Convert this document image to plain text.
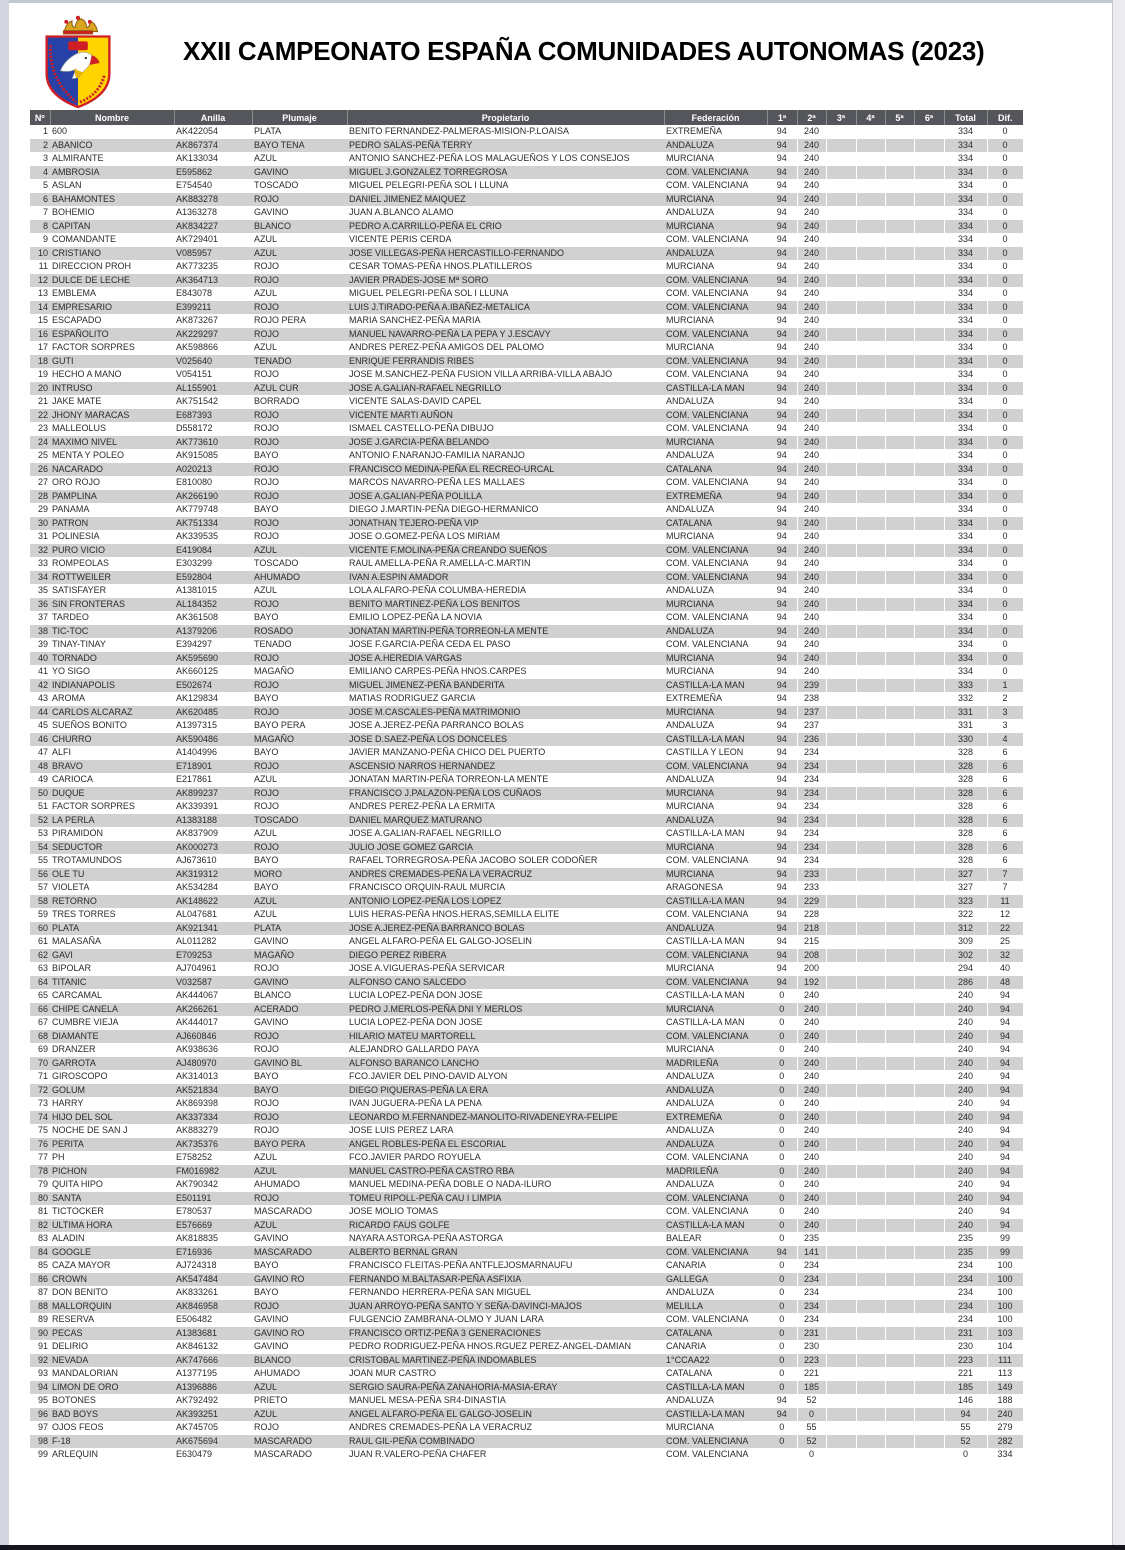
XXII CAMPEONATO ESPAÑA COMUNIDADES AUTONOMAS (2023)
Nº	Nombre	Anilla	Plumaje	Propietario	Federación	1ª	2ª	3ª	4ª	5ª	6ª	Total	Dif.
1	600	AK422054	PLATA	BENITO FERNANDEZ-PALMERAS-MISION-P.LOAISA	EXTREMEÑA	94	240					334	0
2	ABANICO	AK867374	BAYO TENA	PEDRO SALAS-PEÑA TERRY	ANDALUZA	94	240					334	0
3	ALMIRANTE	AK133034	AZUL	ANTONIO SANCHEZ-PEÑA LOS MALAGUEÑOS Y LOS CONSEJOS	MURCIANA	94	240					334	0
4	AMBROSIA	E595862	GAVINO	MIGUEL J.GONZALEZ TORREGROSA	COM. VALENCIANA	94	240					334	0
5	ASLAN	E754540	TOSCADO	MIGUEL PELEGRI-PEÑA SOL I LLUNA	COM. VALENCIANA	94	240					334	0
6	BAHAMONTES	AK883278	ROJO	DANIEL JIMENEZ MAIQUEZ	MURCIANA	94	240					334	0
7	BOHEMIO	A1363278	GAVINO	JUAN A.BLANCO ALAMO	ANDALUZA	94	240					334	0
8	CAPITAN	AK834227	BLANCO	PEDRO A.CARRILLO-PEÑA EL CRIO	MURCIANA	94	240					334	0
9	COMANDANTE	AK729401	AZUL	VICENTE PERIS CERDA	COM. VALENCIANA	94	240					334	0
10	CRISTIANO	V085957	AZUL	JOSE VILLEGAS-PEÑA HERCASTILLO-FERNANDO	ANDALUZA	94	240					334	0
11	DIRECCION PROH	AK773235	ROJO	CESAR TOMAS-PEÑA HNOS.PLATILLEROS	MURCIANA	94	240					334	0
12	DULCE DE LECHE	AK364713	ROJO	JAVIER PRADES-JOSE Mª SORO	COM. VALENCIANA	94	240					334	0
13	EMBLEMA	E843078	AZUL	MIGUEL PELEGRI-PEÑA SOL I LLUNA	COM. VALENCIANA	94	240					334	0
14	EMPRESARIO	E399211	ROJO	LUIS J.TIRADO-PEÑA A.IBAÑEZ-METALICA	COM. VALENCIANA	94	240					334	0
15	ESCAPADO	AK873267	ROJO PERA	MARIA SANCHEZ-PEÑA MARIA	MURCIANA	94	240					334	0
16	ESPAÑOLITO	AK229297	ROJO	MANUEL NAVARRO-PEÑA LA PEPA Y J.ESCAVY	COM. VALENCIANA	94	240					334	0
17	FACTOR SORPRES	AK598866	AZUL	ANDRES PEREZ-PEÑA AMIGOS DEL PALOMO	MURCIANA	94	240					334	0
18	GUTI	V025640	TENADO	ENRIQUE FERRANDIS RIBES	COM. VALENCIANA	94	240					334	0
19	HECHO A MANO	V054151	ROJO	JOSE M.SANCHEZ-PEÑA FUSION VILLA ARRIBA-VILLA ABAJO	COM. VALENCIANA	94	240					334	0
20	INTRUSO	AL155901	AZUL CUR	JOSE A.GALIAN-RAFAEL NEGRILLO	CASTILLA-LA MAN	94	240					334	0
21	JAKE MATE	AK751542	BORRADO	VICENTE SALAS-DAVID CAPEL	ANDALUZA	94	240					334	0
22	JHONY MARACAS	E687393	ROJO	VICENTE MARTI AUÑON	COM. VALENCIANA	94	240					334	0
23	MALLEOLUS	D558172	ROJO	ISMAEL CASTELLO-PEÑA DIBUJO	COM. VALENCIANA	94	240					334	0
24	MAXIMO NIVEL	AK773610	ROJO	JOSE J.GARCIA-PEÑA BELANDO	MURCIANA	94	240					334	0
25	MENTA Y POLEO	AK915085	BAYO	ANTONIO F.NARANJO-FAMILIA NARANJO	ANDALUZA	94	240					334	0
26	NACARADO	A020213	ROJO	FRANCISCO MEDINA-PEÑA EL RECREO-URCAL	CATALANA	94	240					334	0
27	ORO ROJO	E810080	ROJO	MARCOS NAVARRO-PEÑA LES MALLAES	COM. VALENCIANA	94	240					334	0
28	PAMPLINA	AK266190	ROJO	JOSE A.GALIAN-PEÑA POLILLA	EXTREMEÑA	94	240					334	0
29	PANAMA	AK779748	BAYO	DIEGO J.MARTIN-PEÑA DIEGO-HERMANICO	ANDALUZA	94	240					334	0
30	PATRON	AK751334	ROJO	JONATHAN TEJERO-PEÑA VIP	CATALANA	94	240					334	0
31	POLINESIA	AK339535	ROJO	JOSE O.GOMEZ-PEÑA LOS MIRIAM	MURCIANA	94	240					334	0
32	PURO VICIO	E419084	AZUL	VICENTE F.MOLINA-PEÑA CREANDO SUEÑOS	COM. VALENCIANA	94	240					334	0
33	ROMPEOLAS	E303299	TOSCADO	RAUL AMELLA-PEÑA R.AMELLA-C.MARTIN	COM. VALENCIANA	94	240					334	0
34	ROTTWEILER	E592804	AHUMADO	IVAN A.ESPIN AMADOR	COM. VALENCIANA	94	240					334	0
35	SATISFAYER	A1381015	AZUL	LOLA ALFARO-PEÑA COLUMBA-HEREDIA	ANDALUZA	94	240					334	0
36	SIN FRONTERAS	AL184352	ROJO	BENITO MARTINEZ-PEÑA LOS BENITOS	MURCIANA	94	240					334	0
37	TARDEO	AK361508	BAYO	EMILIO LOPEZ-PEÑA LA NOVIA	COM. VALENCIANA	94	240					334	0
38	TIC-TOC	A1379206	ROSADO	JONATAN MARTIN-PEÑA TORREON-LA MENTE	ANDALUZA	94	240					334	0
39	TINAY-TINAY	E394297	TENADO	JOSE F.GARCIA-PEÑA CEDA EL PASO	COM. VALENCIANA	94	240					334	0
40	TORNADO	AK595690	ROJO	JOSE A.HEREDIA VARGAS	MURCIANA	94	240					334	0
41	YO SIGO	AK660125	MAGAÑO	EMILIANO CARPES-PEÑA HNOS.CARPES	MURCIANA	94	240					334	0
42	INDIANAPOLIS	E502674	ROJO	MIGUEL JIMENEZ-PEÑA BANDERITA	CASTILLA-LA MAN	94	239					333	1
43	AROMA	AK129834	BAYO	MATIAS RODRIGUEZ GARCIA	EXTREMEÑA	94	238					332	2
44	CARLOS ALCARAZ	AK620485	ROJO	JOSE M.CASCALES-PEÑA MATRIMONIO	MURCIANA	94	237					331	3
45	SUEÑOS BONITO	A1397315	BAYO PERA	JOSE A.JEREZ-PEÑA PARRANCO BOLAS	ANDALUZA	94	237					331	3
46	CHURRO	AK590486	MAGAÑO	JOSE D.SAEZ-PEÑA LOS DONCELES	CASTILLA-LA MAN	94	236					330	4
47	ALFI	A1404996	BAYO	JAVIER MANZANO-PEÑA CHICO DEL PUERTO	CASTILLA Y LEON	94	234					328	6
48	BRAVO	E718901	ROJO	ASCENSIO NARROS HERNANDEZ	COM. VALENCIANA	94	234					328	6
49	CARIOCA	E217861	AZUL	JONATAN MARTIN-PEÑA TORREON-LA MENTE	ANDALUZA	94	234					328	6
50	DUQUE	AK899237	ROJO	FRANCISCO J.PALAZON-PEÑA LOS CUÑAOS	MURCIANA	94	234					328	6
51	FACTOR SORPRES	AK339391	ROJO	ANDRES PEREZ-PEÑA LA ERMITA	MURCIANA	94	234					328	6
52	LA PERLA	A1383188	TOSCADO	DANIEL MARQUEZ MATURANO	ANDALUZA	94	234					328	6
53	PIRAMIDON	AK837909	AZUL	JOSE A.GALIAN-RAFAEL NEGRILLO	CASTILLA-LA MAN	94	234					328	6
54	SEDUCTOR	AK000273	ROJO	JULIO JOSE GOMEZ GARCIA	MURCIANA	94	234					328	6
55	TROTAMUNDOS	AJ673610	BAYO	RAFAEL TORREGROSA-PEÑA JACOBO SOLER CODOÑER	COM. VALENCIANA	94	234					328	6
56	OLE TU	AK319312	MORO	ANDRES CREMADES-PEÑA LA VERACRUZ	MURCIANA	94	233					327	7
57	VIOLETA	AK534284	BAYO	FRANCISCO ORQUIN-RAUL MURCIA	ARAGONESA	94	233					327	7
58	RETORNO	AK148622	AZUL	ANTONIO LOPEZ-PEÑA LOS LOPEZ	CASTILLA-LA MAN	94	229					323	11
59	TRES TORRES	AL047681	AZUL	LUIS HERAS-PEÑA HNOS.HERAS,SEMILLA ELITE	COM. VALENCIANA	94	228					322	12
60	PLATA	AK921341	PLATA	JOSE A.JEREZ-PEÑA BARRANCO BOLAS	ANDALUZA	94	218					312	22
61	MALASAÑA	AL011282	GAVINO	ANGEL ALFARO-PEÑA EL GALGO-JOSELIN	CASTILLA-LA MAN	94	215					309	25
62	GAVI	E709253	MAGAÑO	DIEGO PEREZ RIBERA	COM. VALENCIANA	94	208					302	32
63	BIPOLAR	AJ704961	ROJO	JOSE A.VIGUERAS-PEÑA SERVICAR	MURCIANA	94	200					294	40
64	TITANIC	V032587	GAVINO	ALFONSO CANO SALCEDO	COM. VALENCIANA	94	192					286	48
65	CARCAMAL	AK444067	BLANCO	LUCIA LOPEZ-PEÑA DON JOSE	CASTILLA-LA MAN	0	240					240	94
66	CHIPE CANELA	AK266261	ACERADO	PEDRO J.MERLOS-PEÑA DNI Y MERLOS	MURCIANA	0	240					240	94
67	CUMBRE VIEJA	AK444017	GAVINO	LUCIA LOPEZ-PEÑA DON JOSE	CASTILLA-LA MAN	0	240					240	94
68	DIAMANTE	AJ660846	ROJO	HILARIO MATEU MARTORELL	COM. VALENCIANA	0	240					240	94
69	DRANZER	AK938636	ROJO	ALEJANDRO GALLARDO PAYA	MURCIANA	0	240					240	94
70	GARROTA	AJ480970	GAVINO BL	ALFONSO BARANCO LANCHO	MADRILEÑA	0	240					240	94
71	GIROSCOPO	AK314013	BAYO	FCO.JAVIER DEL PINO-DAVID ALYON	ANDALUZA	0	240					240	94
72	GOLUM	AK521834	BAYO	DIEGO PIQUERAS-PEÑA LA ERA	ANDALUZA	0	240					240	94
73	HARRY	AK869398	ROJO	IVAN JUGUERA-PEÑA LA PENA	ANDALUZA	0	240					240	94
74	HIJO DEL SOL	AK337334	ROJO	LEONARDO M.FERNANDEZ-MANOLITO-RIVADENEYRA-FELIPE	EXTREMEÑA	0	240					240	94
75	NOCHE DE SAN J	AK883279	ROJO	JOSE LUIS PEREZ LARA	ANDALUZA	0	240					240	94
76	PERITA	AK735376	BAYO PERA	ANGEL ROBLES-PEÑA EL ESCORIAL	ANDALUZA	0	240					240	94
77	PH	E758252	AZUL	FCO.JAVIER PARDO ROYUELA	COM. VALENCIANA	0	240					240	94
78	PICHON	FM016982	AZUL	MANUEL CASTRO-PEÑA CASTRO RBA	MADRILEÑA	0	240					240	94
79	QUITA HIPO	AK790342	AHUMADO	MANUEL MEDINA-PEÑA DOBLE O NADA-ILURO	ANDALUZA	0	240					240	94
80	SANTA	E501191	ROJO	TOMEU RIPOLL-PEÑA CAU I LIMPIA	COM. VALENCIANA	0	240					240	94
81	TICTOCKER	E780537	MASCARADO	JOSE MOLIO TOMAS	COM. VALENCIANA	0	240					240	94
82	ULTIMA HORA	E576669	AZUL	RICARDO FAUS GOLFE	CASTILLA-LA MAN	0	240					240	94
83	ALADIN	AK818835	GAVINO	NAYARA ASTORGA-PEÑA ASTORGA	BALEAR	0	235					235	99
84	GOOGLE	E716936	MASCARADO	ALBERTO BERNAL GRAN	COM. VALENCIANA	94	141					235	99
85	CAZA MAYOR	AJ724318	BAYO	FRANCISCO FLEITAS-PEÑA ANTFLEJOSMARNAUFU	CANARIA	0	234					234	100
86	CROWN	AK547484	GAVINO RO	FERNANDO M.BALTASAR-PEÑA ASFIXIA	GALLEGA	0	234					234	100
87	DON BENITO	AK833261	BAYO	FERNANDO HERRERA-PEÑA SAN MIGUEL	ANDALUZA	0	234					234	100
88	MALLORQUIN	AK846958	ROJO	JUAN ARROYO-PEÑA SANTO Y SEÑA-DAVINCI-MAJOS	MELILLA	0	234					234	100
89	RESERVA	E506482	GAVINO	FULGENCIO ZAMBRANA-OLMO Y JUAN LARA	COM. VALENCIANA	0	234					234	100
90	PECAS	A1383681	GAVINO RO	FRANCISCO ORTIZ-PEÑA 3 GENERACIONES	CATALANA	0	231					231	103
91	DELIRIO	AK846132	GAVINO	PEDRO RODRIGUEZ-PEÑA HNOS.RGUEZ PEREZ-ANGEL-DAMIAN	CANARIA	0	230					230	104
92	NEVADA	AK747666	BLANCO	CRISTOBAL MARTINEZ-PEÑA INDOMABLES	1°CCAA22	0	223					223	111
93	MANDALORIAN	A1377195	AHUMADO	JOAN MUR CASTRO	CATALANA	0	221					221	113
94	LIMON DE ORO	A1396886	AZUL	SERGIO SAURA-PEÑA ZANAHORIA-MASIA-ERAY	CASTILLA-LA MAN	0	185					185	149
95	BOTONES	AK792492	PRIETO	MANUEL MESA-PEÑA SR4-DINASTIA	ANDALUZA	94	52					146	188
96	BAD BOYS	AK393251	AZUL	ANGEL ALFARO-PEÑA EL GALGO-JOSELIN	CASTILLA-LA MAN	94	0					94	240
97	OJOS FEOS	AK745705	ROJO	ANDRES CREMADES-PEÑA LA VERACRUZ	MURCIANA	0	55					55	279
98	F-18	AK675694	MASCARADO	RAUL GIL-PEÑA COMBINADO	COM. VALENCIANA	0	52					52	282
99	ARLEQUIN	E630479	MASCARADO	JUAN R.VALERO-PEÑA CHAFER	COM. VALENCIANA		0					0	334
